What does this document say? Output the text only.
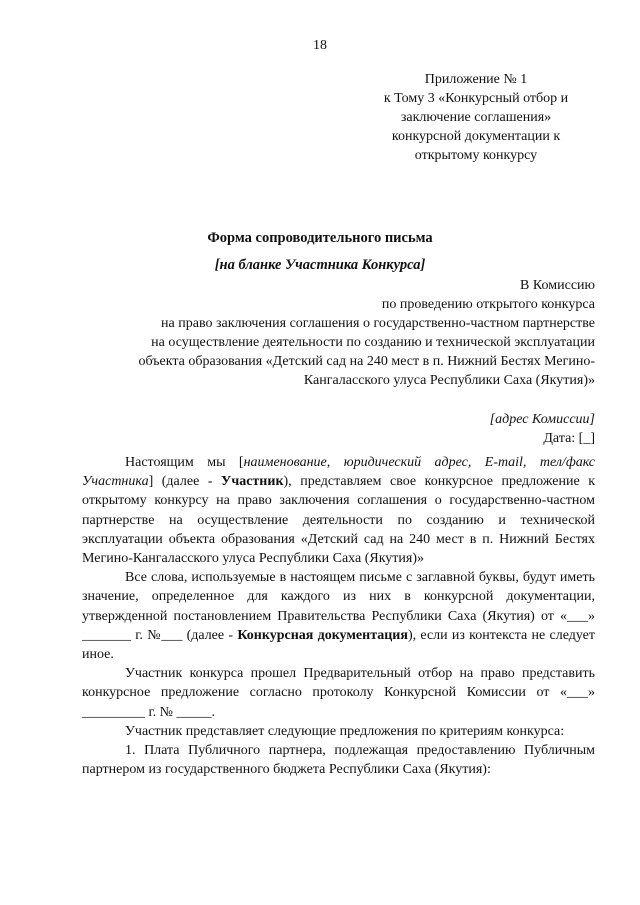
18
Приложение № 1
к Тому 3 «Конкурсный отбор и
заключение соглашения»
конкурсной документации к
открытому конкурсу
Форма сопроводительного письма
[на бланке Участника Конкурса]
В Комиссию
по проведению открытого конкурса
на право заключения соглашения о государственно-частном партнерстве
на осуществление деятельности по созданию и технической эксплуатации
объекта образования «Детский сад на 240 мест в п. Нижний Бестях Мегино-
Кангаласского улуса Республики Саха (Якутия)»
[адрес Комиссии]
Дата: [_]

Настоящим мы [наименование, юридический адрес, E-mail, тел/факс Участника] (далее - Участник), представляем свое конкурсное предложение к открытому конкурсу на право заключения соглашения о государственно-частном партнерстве на осуществление деятельности по созданию и технической эксплуатации объекта образования «Детский сад на 240 мест в п. Нижний Бестях Мегино-Кангаласского улуса Республики Саха (Якутия)»

Все слова, используемые в настоящем письме с заглавной буквы, будут иметь значение, определенное для каждого из них в конкурсной документации, утвержденной постановлением Правительства Республики Саха (Якутия) от «___» _______ г. №___ (далее - Конкурсная документация), если из контекста не следует иное.

Участник конкурса прошел Предварительный отбор на право представить конкурсное предложение согласно протоколу Конкурсной Комиссии от «___» _________ г. № _____.

Участник представляет следующие предложения по критериям конкурса:

1. Плата Публичного партнера, подлежащая предоставлению Публичным партнером из государственного бюджета Республики Саха (Якутия):
